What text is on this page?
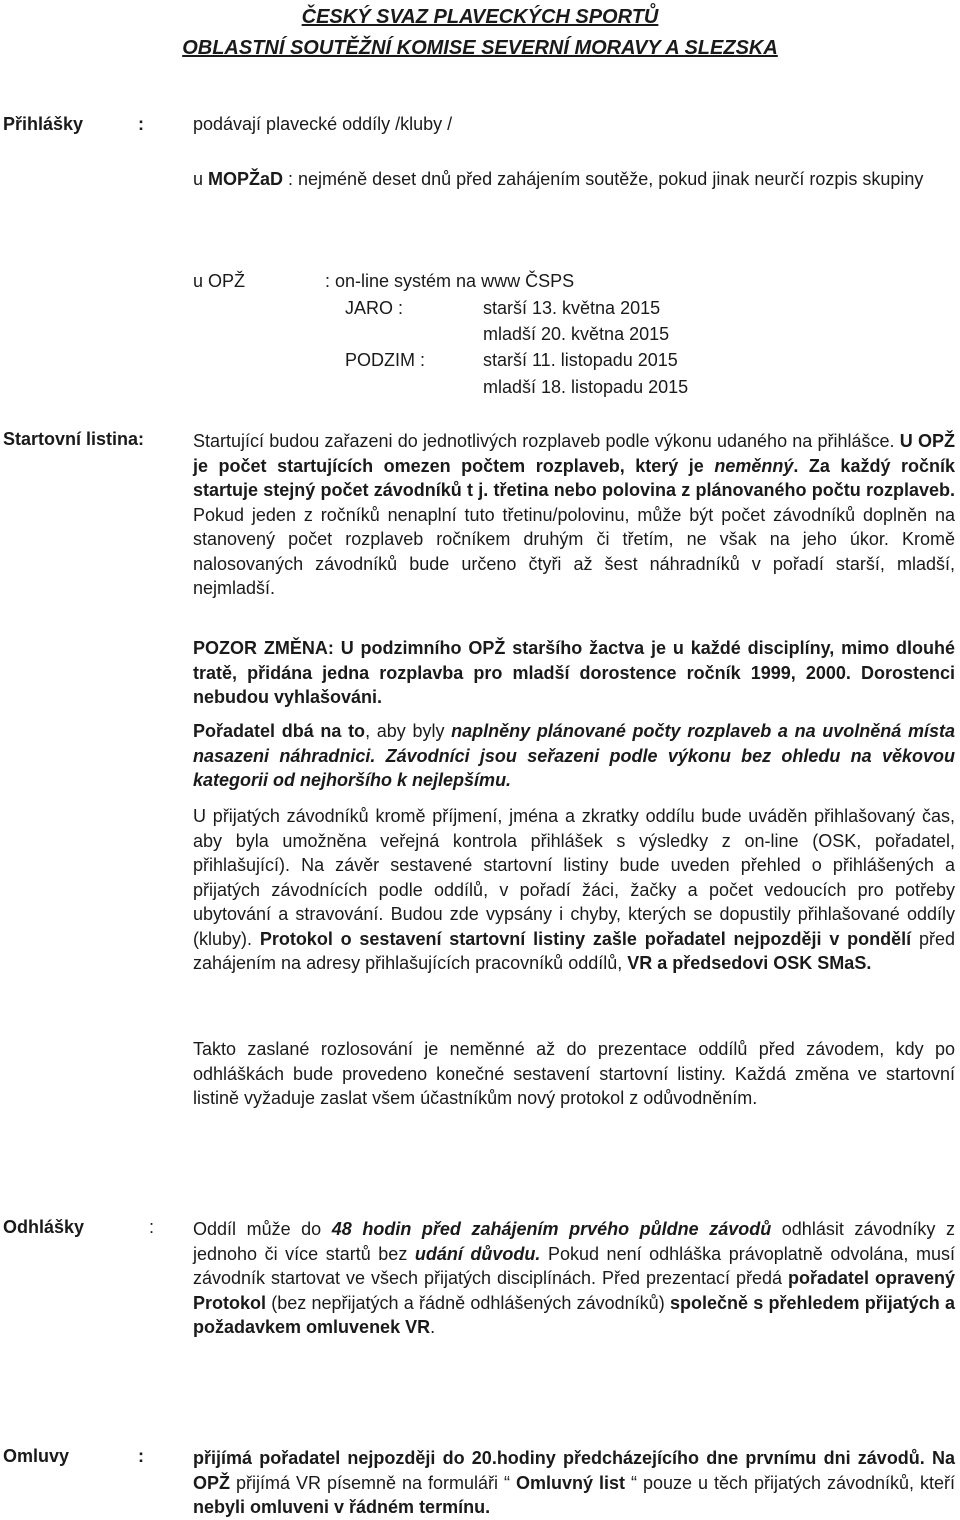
ČESKÝ SVAZ PLAVECKÝCH SPORTŮ
OBLASTNÍ SOUTĚŽNÍ KOMISE SEVERNÍ MORAVY A SLEZSKA
Přihlášky	:	podávají plavecké oddíly /kluby /
u MOPŽaD : nejméně deset dnů před zahájením soutěže, pokud jinak neurčí rozpis skupiny
u OPŽ	: on-line systém na www ČSPS
JARO :	starší 13. května 2015
mladší 20. května 2015
PODZIM :	starší 11. listopadu 2015
mladší 18. listopadu 2015
Startovní listina:	Startující budou zařazeni do jednotlivých rozplaveb podle výkonu udaného na přihlášce. U OPŽ je počet startujících omezen počtem rozplaveb, který je neměnný. Za každý ročník startuje stejný počet závodníků t j. třetina nebo polovina z plánovaného počtu rozplaveb. Pokud jeden z ročníků nenaplní tuto třetinu/polovinu, může být počet závodníků doplněn na stanovený počet rozplaveb ročníkem druhým či třetím, ne však na jeho úkor. Kromě nalosovaných závodníků bude určeno čtyři až šest náhradníků v pořadí starší, mladší, nejmladší.
POZOR ZMĚNA: U podzimního OPŽ staršího žactva je u každé disciplíny, mimo dlouhé tratě, přidána jedna rozplavba pro mladší dorostence ročník 1999, 2000. Dorostenci nebudou vyhlašováni.
Pořadatel dbá na to, aby byly naplněny plánované počty rozplaveb a na uvolněná místa nasazeni náhradnici. Závodníci jsou seřazeni podle výkonu bez ohledu na věkovou kategorii od nejhoršího k nejlepšímu.
U přijatých závodníků kromě příjmení, jména a zkratky oddílu bude uváděn přihlašovaný čas, aby byla umožněna veřejná kontrola přihlášek s výsledky z on-line (OSK, pořadatel, přihlašující). Na závěr sestavené startovní listiny bude uveden přehled o přihlášených a přijatých závodnících podle oddílů, v pořadí žáci, žačky a počet vedoucích pro potřeby ubytování a stravování. Budou zde vypsány i chyby, kterých se dopustily přihlašované oddíly (kluby). Protokol o sestavení startovní listiny zašle pořadatel nejpozději v pondělí před zahájením na adresy přihlašujících pracovníků oddílů, VR a předsedovi OSK SMaS.
Takto zaslané rozlosování je neměnné až do prezentace oddílů před závodem, kdy po odhláškách bude provedeno konečné sestavení startovní listiny. Každá změna ve startovní listině vyžaduje zaslat všem účastníkům nový protokol z odůvodněním.
Odhlášky	: Oddíl může do 48 hodin před zahájením prvého půldne závodů odhlásit závodníky z jednoho či více startů bez udání důvodu. Pokud není odhláška právoplatně odvolána, musí závodník startovat ve všech přijatých disciplínách. Před prezentací předá pořadatel opravený Protokol (bez nepřijatých a řádně odhlášených závodníků) společně s přehledem přijatých a požadavkem omluvenek VR.
Omluvy	:	přijímá pořadatel nejpozději do 20.hodiny předcházejícího dne prvnímu dni závodů. Na OPŽ přijímá VR písemně na formuláři “ Omluvný list “ pouze u těch přijatých závodníků, kteří nebyli omluveni v řádném termínu.
